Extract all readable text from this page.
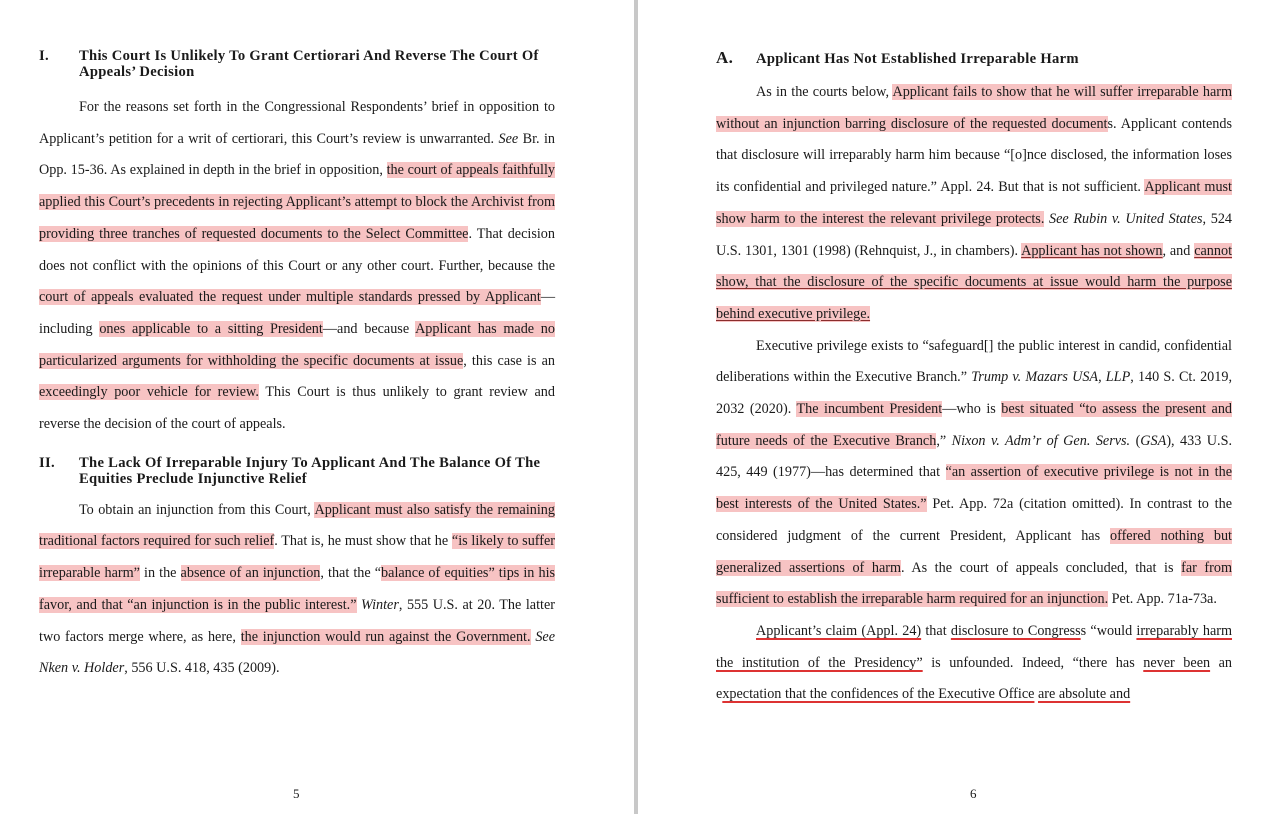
I.	This Court Is Unlikely To Grant Certiorari And Reverse The Court Of Appeals’ Decision

For the reasons set forth in the Congressional Respondents’ brief in opposition to Applicant’s petition for a writ of certiorari, this Court’s review is unwarranted. See Br. in Opp. 15-36. As explained in depth in the brief in opposition, the court of appeals faithfully applied this Court’s precedents in rejecting Applicant’s attempt to block the Archivist from providing three tranches of requested documents to the Select Committee. That decision does not conflict with the opinions of this Court or any other court. Further, because the court of appeals evaluated the request under multiple standards pressed by Applicant—including ones applicable to a sitting President—and because Applicant has made no particularized arguments for withholding the specific documents at issue, this case is an exceedingly poor vehicle for review. This Court is thus unlikely to grant review and reverse the decision of the court of appeals.

II.	The Lack Of Irreparable Injury To Applicant And The Balance Of The Equities Preclude Injunctive Relief

To obtain an injunction from this Court, Applicant must also satisfy the remaining traditional factors required for such relief. That is, he must show that he “is likely to suffer irreparable harm” in the absence of an injunction, that the “balance of equities” tips in his favor, and that “an injunction is in the public interest.” Winter, 555 U.S. at 20. The latter two factors merge where, as here, the injunction would run against the Government. See Nken v. Holder, 556 U.S. 418, 435 (2009).

5
A.	Applicant Has Not Established Irreparable Harm

As in the courts below, Applicant fails to show that he will suffer irreparable harm without an injunction barring disclosure of the requested documents. Applicant contends that disclosure will irreparably harm him because “[o]nce disclosed, the information loses its confidential and privileged nature.” Appl. 24. But that is not sufficient. Applicant must show harm to the interest the relevant privilege protects. See Rubin v. United States, 524 U.S. 1301, 1301 (1998) (Rehnquist, J., in chambers). Applicant has not shown, and cannot show, that the disclosure of the specific documents at issue would harm the purpose behind executive privilege.

Executive privilege exists to “safeguard[] the public interest in candid, confidential deliberations within the Executive Branch.” Trump v. Mazars USA, LLP, 140 S. Ct. 2019, 2032 (2020). The incumbent President—who is best situated “to assess the present and future needs of the Executive Branch,” Nixon v. Adm’r of Gen. Servs. (GSA), 433 U.S. 425, 449 (1977)—has determined that “an assertion of executive privilege is not in the best interests of the United States.” Pet. App. 72a (citation omitted). In contrast to the considered judgment of the current President, Applicant has offered nothing but generalized assertions of harm. As the court of appeals concluded, that is far from sufficient to establish the irreparable harm required for an injunction. Pet. App. 71a-73a.

Applicant’s claim (Appl. 24) that disclosure to Congresss “would irreparably harm the institution of the Presidency” is unfounded. Indeed, “there has never been an expectation that the confidences of the Executive Office are absolute and

6
